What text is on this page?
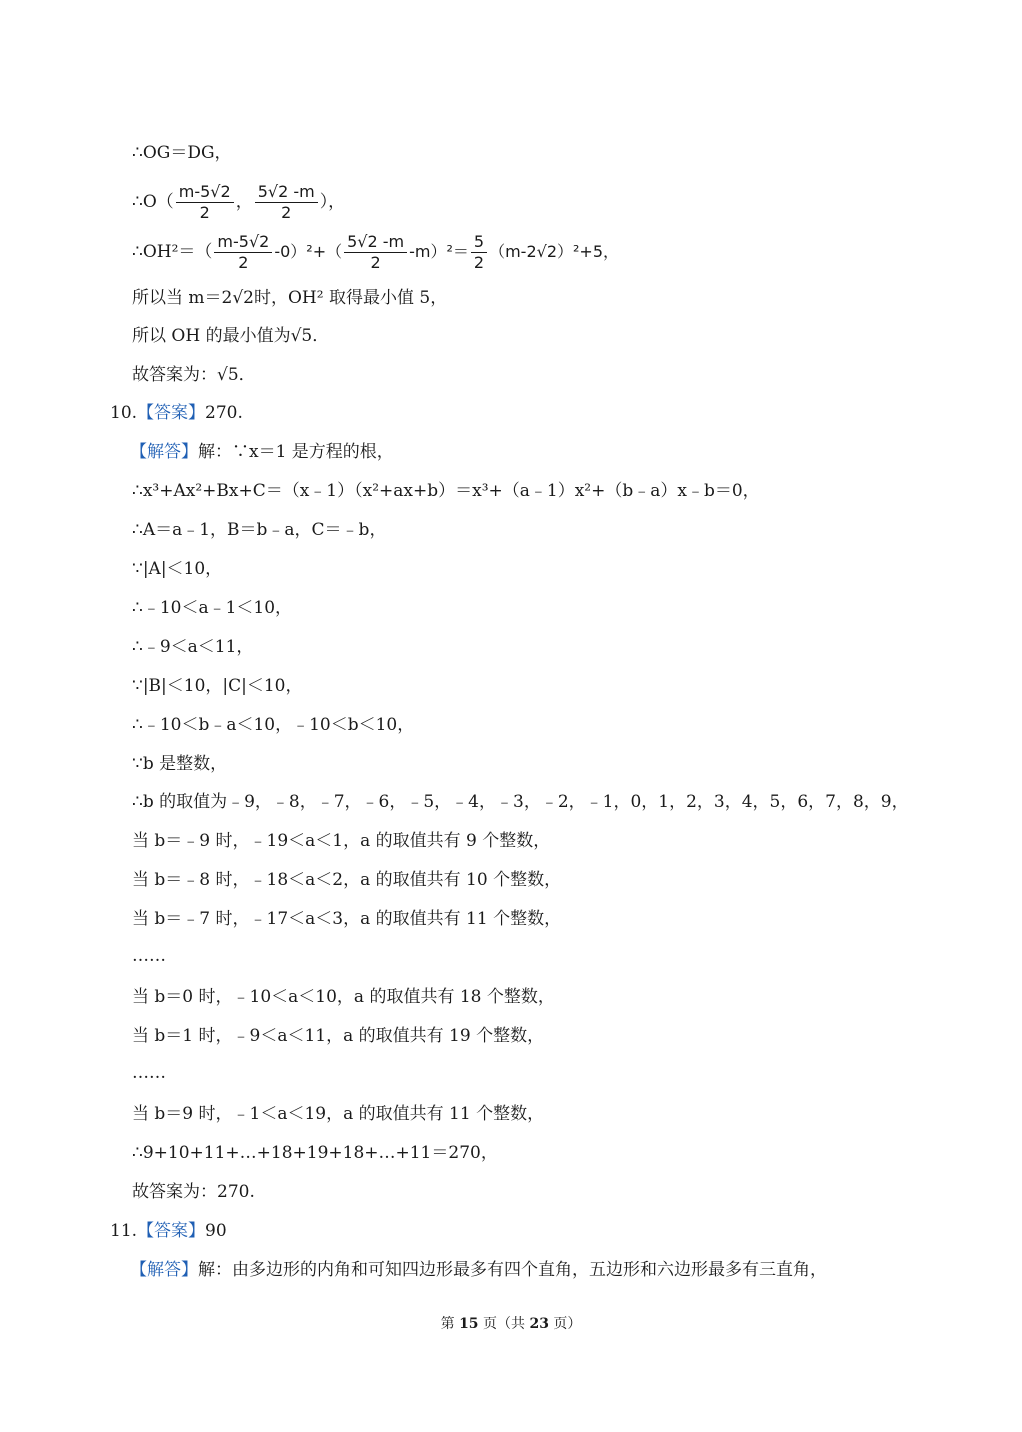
∴OG＝DG，
∴O（ $\frac{m-5√2}{2}$ ， $\frac{5√2 -m}{2}$ ），
∴OH²＝（ $\frac{m-5√2}{2} -0)^2+( \frac{5√2 -m}{2} -m)^2= \frac{5}{2} (m-2√2)^2+5$，
所以当 m＝2√2时，OH² 取得最小值 5，
所以 OH 的最小值为√5．
故答案为：√5．
10.【答案】270.
【解答】解：∵x＝1 是方程的根，
∴x³+Ax²+Bx+C＝（x﹣1）（x²+ax+b）＝x³+（a﹣1）x²+（b﹣a）x﹣b＝0，
∴A＝a﹣1，B＝b﹣a，C＝﹣b，
∵|A|＜10，
∴﹣10＜a﹣1＜10，
∴﹣9＜a＜11，
∵|B|＜10，|C|＜10，
∴﹣10＜b﹣a＜10，﹣10＜b＜10，
∵b 是整数，
∴b 的取值为﹣9，﹣8，﹣7，﹣6，﹣5，﹣4，﹣3，﹣2，﹣1，0，1，2，3，4，5，6，7，8，9，
当 b＝﹣9 时，﹣19＜a＜1，a 的取值共有 9 个整数，
当 b＝﹣8 时，﹣18＜a＜2，a 的取值共有 10 个整数，
当 b＝﹣7 时，﹣17＜a＜3，a 的取值共有 11 个整数，
……
当 b＝0 时，﹣10＜a＜10，a 的取值共有 18 个整数，
当 b＝1 时，﹣9＜a＜11，a 的取值共有 19 个整数，
……
当 b＝9 时，﹣1＜a＜19，a 的取值共有 11 个整数，
∴9+10+11+…+18+19+18+…+11＝270，
故答案为：270.
11.【答案】90
【解答】解：由多边形的内角和可知四边形最多有四个直角，五边形和六边形最多有三直角，
第 15 页（共 23 页）
